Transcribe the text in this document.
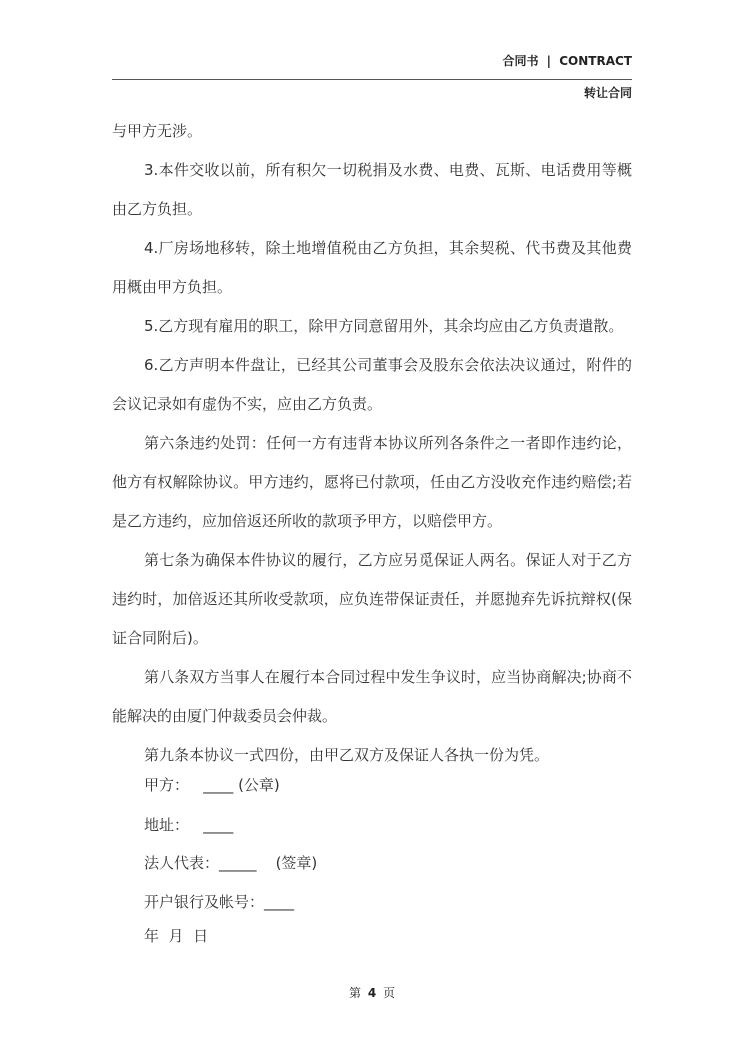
合同书 | CONTRACT
转让合同

与甲方无涉。

3.本件交收以前，所有积欠一切税捐及水费、电费、瓦斯、电话费用等概由乙方负担。

4.厂房场地移转，除土地增值税由乙方负担，其余契税、代书费及其他费用概由甲方负担。

5.乙方现有雇用的职工，除甲方同意留用外，其余均应由乙方负责遣散。

6.乙方声明本件盘让，已经其公司董事会及股东会依法决议通过，附件的会议记录如有虚伪不实，应由乙方负责。

第六条违约处罚：任何一方有违背本协议所列各条件之一者即作违约论，他方有权解除协议。甲方违约，愿将已付款项，任由乙方没收充作违约赔偿;若是乙方违约，应加倍返还所收的款项予甲方，以赔偿甲方。

第七条为确保本件协议的履行，乙方应另觅保证人两名。保证人对于乙方违约时，加倍返还其所收受款项，应负连带保证责任，并愿抛弃先诉抗辩权(保证合同附后)。

第八条双方当事人在履行本合同过程中发生争议时，应当协商解决;协商不能解决的由厦门仲裁委员会仲裁。

第九条本协议一式四份，由甲乙双方及保证人各执一份为凭。

甲方：   ____ (公章)
地址：   ____
法人代表：_____    (签章)
开户银行及帐号：____
年  月  日
第 4 页
